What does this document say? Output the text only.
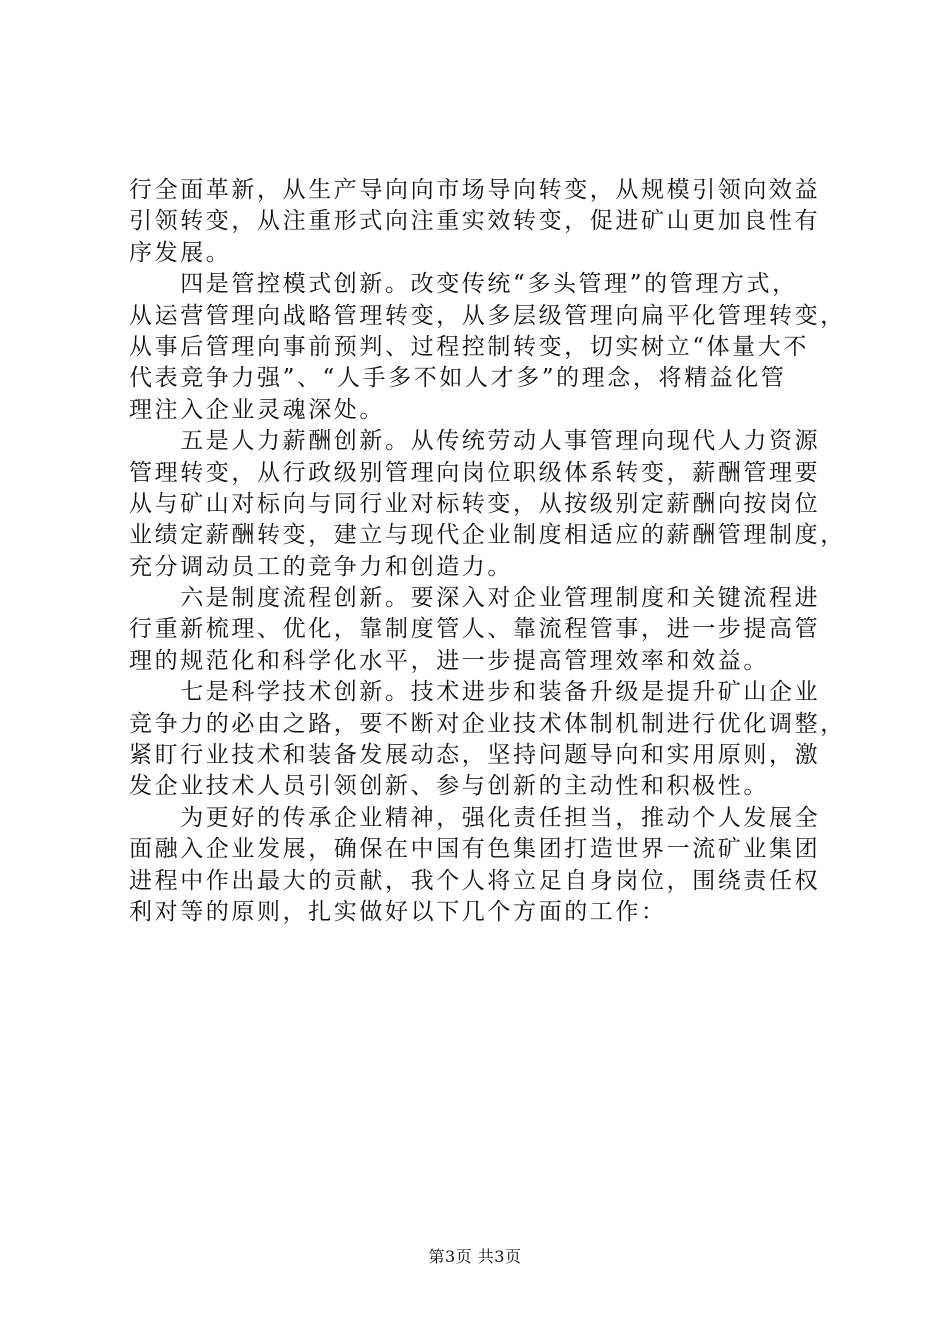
行全面革新，从生产导向向市场导向转变，从规模引领向效益
引领转变，从注重形式向注重实效转变，促进矿山更加良性有
序发展。
　　四是管控模式创新。改变传统“多头管理”的管理方式，
从运营管理向战略管理转变，从多层级管理向扁平化管理转变，
从事后管理向事前预判、过程控制转变，切实树立“体量大不
代表竞争力强”、“人手多不如人才多”的理念，将精益化管
理注入企业灵魂深处。
　　五是人力薪酬创新。从传统劳动人事管理向现代人力资源
管理转变，从行政级别管理向岗位职级体系转变，薪酬管理要
从与矿山对标向与同行业对标转变，从按级别定薪酬向按岗位
业绩定薪酬转变，建立与现代企业制度相适应的薪酬管理制度，
充分调动员工的竞争力和创造力。
　　六是制度流程创新。要深入对企业管理制度和关键流程进
行重新梳理、优化，靠制度管人、靠流程管事，进一步提高管
理的规范化和科学化水平，进一步提高管理效率和效益。
　　七是科学技术创新。技术进步和装备升级是提升矿山企业
竞争力的必由之路，要不断对企业技术体制机制进行优化调整，
紧盯行业技术和装备发展动态，坚持问题导向和实用原则，激
发企业技术人员引领创新、参与创新的主动性和积极性。
　　为更好的传承企业精神，强化责任担当，推动个人发展全
面融入企业发展，确保在中国有色集团打造世界一流矿业集团
进程中作出最大的贡献，我个人将立足自身岗位，围绕责任权
利对等的原则，扎实做好以下几个方面的工作：
第3页 共3页
